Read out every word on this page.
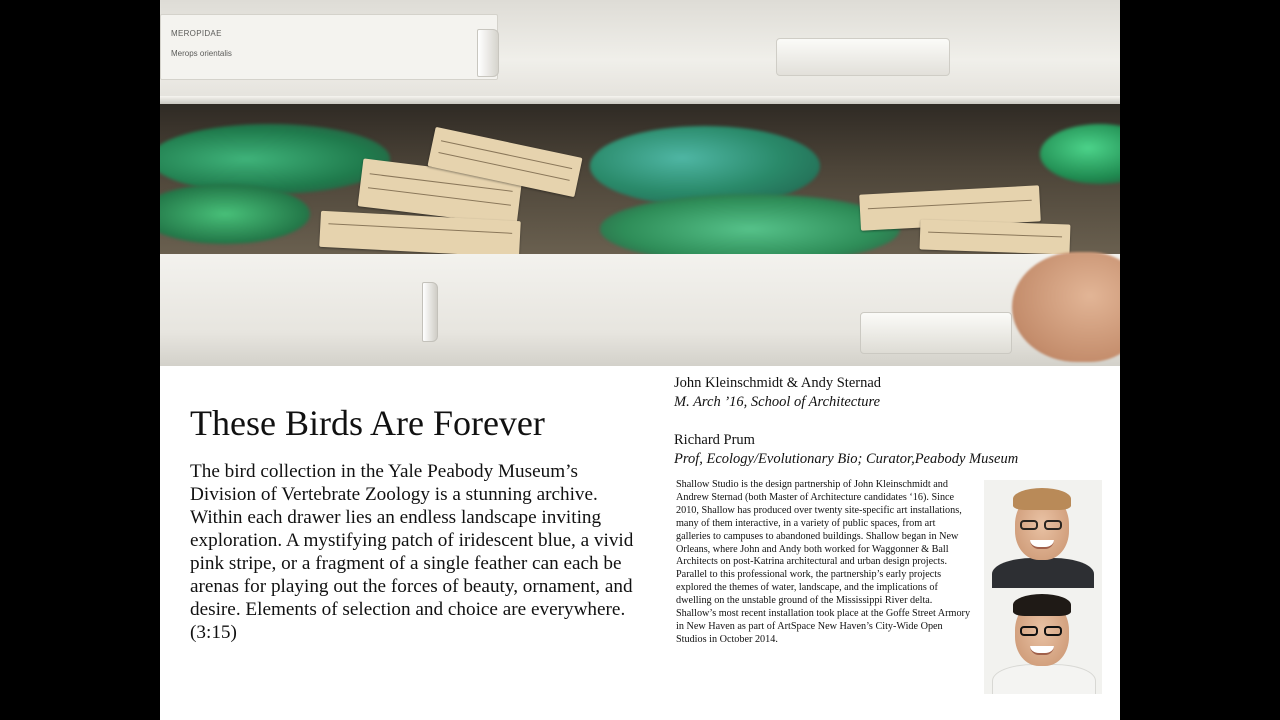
MEROPIDAE
Merops orientalis
These Birds Are Forever

The bird collection in the Yale Peabody Museum’s Division of Vertebrate Zoology is a stunning archive. Within each drawer lies an endless landscape inviting exploration. A mystifying patch of iridescent blue, a vivid pink stripe, or a fragment of a single feather can each be arenas for playing out the forces of beauty, ornament, and desire. Elements of selection and choice are everywhere. (3:15)

John Kleinschmidt & Andy Sternad
M. Arch ’16, School of Architecture
Richard Prum
Prof, Ecology/Evolutionary Bio; Curator,Peabody Museum

Shallow Studio is the design partnership of John Kleinschmidt and Andrew Sternad (both Master of Architecture candidates ‘16). Since 2010, Shallow has produced over twenty site-specific art installations, many of them interactive, in a variety of public spaces, from art galleries to campuses to abandoned buildings. Shallow began in New Orleans, where John and Andy both worked for Waggonner & Ball Architects on post-Katrina architectural and urban design projects. Parallel to this professional work, the partnership’s early projects explored the themes of water, landscape, and the implications of dwelling on the unstable ground of the Mississippi River delta. Shallow’s most recent installation took place at the Goffe Street Armory in New Haven as part of ArtSpace New Haven’s City-Wide Open Studios in October 2014.
